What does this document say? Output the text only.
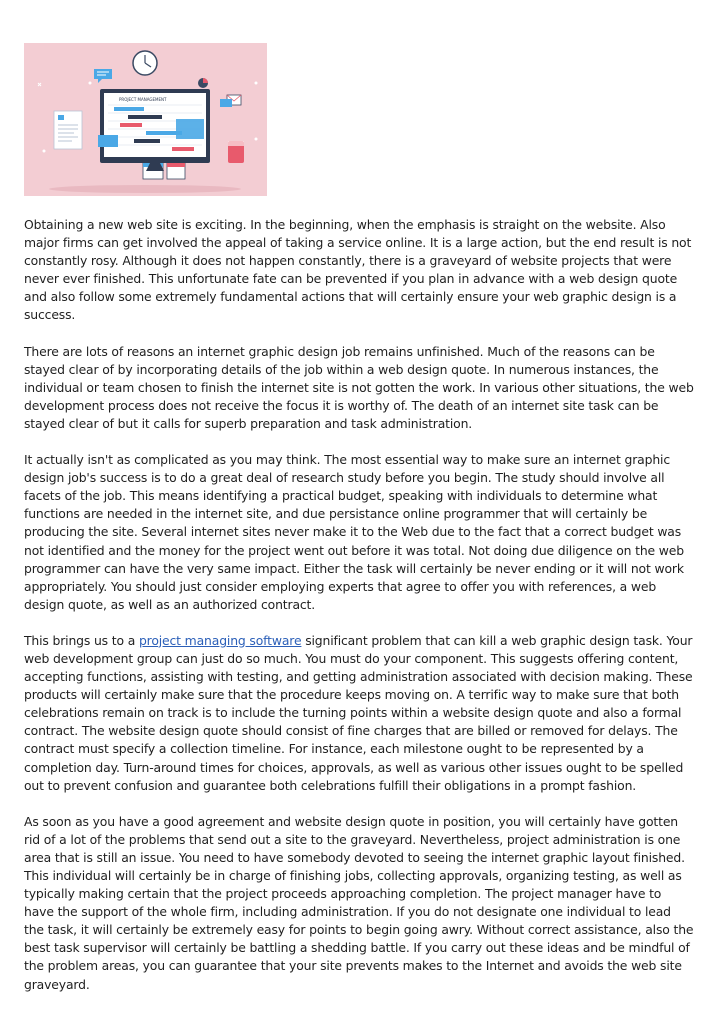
PROJECT MANAGEMENT

Obtaining a new web site is exciting. In the beginning, when the emphasis is straight on the website. Also major firms can get involved the appeal of taking a service online. It is a large action, but the end result is not constantly rosy. Although it does not happen constantly, there is a graveyard of website projects that were never ever finished. This unfortunate fate can be prevented if you plan in advance with a web design quote and also follow some extremely fundamental actions that will certainly ensure your web graphic design is a success.

There are lots of reasons an internet graphic design job remains unfinished. Much of the reasons can be stayed clear of by incorporating details of the job within a web design quote. In numerous instances, the individual or team chosen to finish the internet site is not gotten the work. In various other situations, the web development process does not receive the focus it is worthy of. The death of an internet site task can be stayed clear of but it calls for superb preparation and task administration.

It actually isn't as complicated as you may think. The most essential way to make sure an internet graphic design job's success is to do a great deal of research study before you begin. The study should involve all facets of the job. This means identifying a practical budget, speaking with individuals to determine what functions are needed in the internet site, and due persistance online programmer that will certainly be producing the site. Several internet sites never make it to the Web due to the fact that a correct budget was not identified and the money for the project went out before it was total. Not doing due diligence on the web programmer can have the very same impact. Either the task will certainly be never ending or it will not work appropriately. You should just consider employing experts that agree to offer you with references, a web design quote, as well as an authorized contract.

This brings us to a project managing software significant problem that can kill a web graphic design task. Your web development group can just do so much. You must do your component. This suggests offering content, accepting functions, assisting with testing, and getting administration associated with decision making. These products will certainly make sure that the procedure keeps moving on. A terrific way to make sure that both celebrations remain on track is to include the turning points within a website design quote and also a formal contract. The website design quote should consist of fine charges that are billed or removed for delays. The contract must specify a collection timeline. For instance, each milestone ought to be represented by a completion day. Turn-around times for choices, approvals, as well as various other issues ought to be spelled out to prevent confusion and guarantee both celebrations fulfill their obligations in a prompt fashion.

As soon as you have a good agreement and website design quote in position, you will certainly have gotten rid of a lot of the problems that send out a site to the graveyard. Nevertheless, project administration is one area that is still an issue. You need to have somebody devoted to seeing the internet graphic layout finished. This individual will certainly be in charge of finishing jobs, collecting approvals, organizing testing, as well as typically making certain that the project proceeds approaching completion. The project manager have to have the support of the whole firm, including administration. If you do not designate one individual to lead the task, it will certainly be extremely easy for points to begin going awry. Without correct assistance, also the best task supervisor will certainly be battling a shedding battle. If you carry out these ideas and be mindful of the problem areas, you can guarantee that your site prevents makes to the Internet and avoids the web site graveyard.
